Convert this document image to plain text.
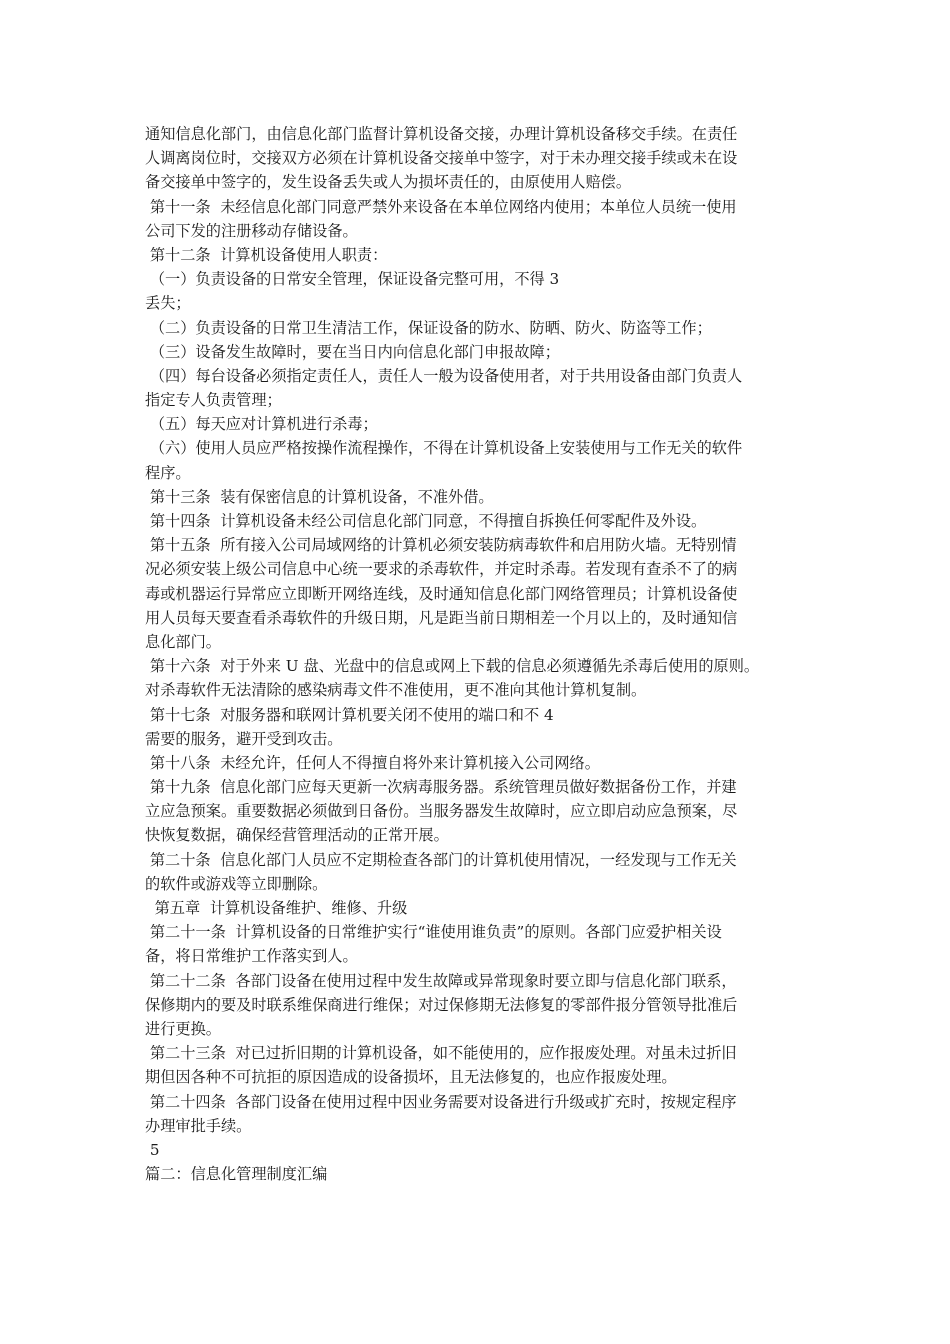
通知信息化部门，由信息化部门监督计算机设备交接，办理计算机设备移交手续。在责任
人调离岗位时，交接双方必须在计算机设备交接单中签字，对于未办理交接手续或未在设
备交接单中签字的，发生设备丢失或人为损坏责任的，由原使用人赔偿。
第十一条  未经信息化部门同意严禁外来设备在本单位网络内使用；本单位人员统一使用
公司下发的注册移动存储设备。
第十二条  计算机设备使用人职责：
（一）负责设备的日常安全管理，保证设备完整可用，不得 3
丢失；
（二）负责设备的日常卫生清洁工作，保证设备的防水、防晒、防火、防盗等工作；
（三）设备发生故障时，要在当日内向信息化部门申报故障；
（四）每台设备必须指定责任人，责任人一般为设备使用者，对于共用设备由部门负责人
指定专人负责管理；
（五）每天应对计算机进行杀毒；
（六）使用人员应严格按操作流程操作，不得在计算机设备上安装使用与工作无关的软件
程序。
第十三条  装有保密信息的计算机设备，不准外借。
第十四条  计算机设备未经公司信息化部门同意，不得擅自拆换任何零配件及外设。
第十五条  所有接入公司局域网络的计算机必须安装防病毒软件和启用防火墙。无特别情
况必须安装上级公司信息中心统一要求的杀毒软件，并定时杀毒。若发现有查杀不了的病
毒或机器运行异常应立即断开网络连线，及时通知信息化部门网络管理员；计算机设备使
用人员每天要查看杀毒软件的升级日期，凡是距当前日期相差一个月以上的，及时通知信
息化部门。
第十六条  对于外来 U 盘、光盘中的信息或网上下载的信息必须遵循先杀毒后使用的原则。
对杀毒软件无法清除的感染病毒文件不准使用，更不准向其他计算机复制。
第十七条  对服务器和联网计算机要关闭不使用的端口和不 4
需要的服务，避开受到攻击。
第十八条  未经允许，任何人不得擅自将外来计算机接入公司网络。
第十九条  信息化部门应每天更新一次病毒服务器。系统管理员做好数据备份工作，并建
立应急预案。重要数据必须做到日备份。当服务器发生故障时，应立即启动应急预案，尽
快恢复数据，确保经营管理活动的正常开展。
第二十条  信息化部门人员应不定期检查各部门的计算机使用情况，一经发现与工作无关
的软件或游戏等立即删除。
第五章  计算机设备维护、维修、升级
第二十一条  计算机设备的日常维护实行“谁使用谁负责”的原则。各部门应爱护相关设
备，将日常维护工作落实到人。
第二十二条  各部门设备在使用过程中发生故障或异常现象时要立即与信息化部门联系，
保修期内的要及时联系维保商进行维保；对过保修期无法修复的零部件报分管领导批准后
进行更换。
第二十三条  对已过折旧期的计算机设备，如不能使用的，应作报废处理。对虽未过折旧
期但因各种不可抗拒的原因造成的设备损坏，且无法修复的，也应作报废处理。
第二十四条  各部门设备在使用过程中因业务需要对设备进行升级或扩充时，按规定程序
办理审批手续。
5
篇二：信息化管理制度汇编
